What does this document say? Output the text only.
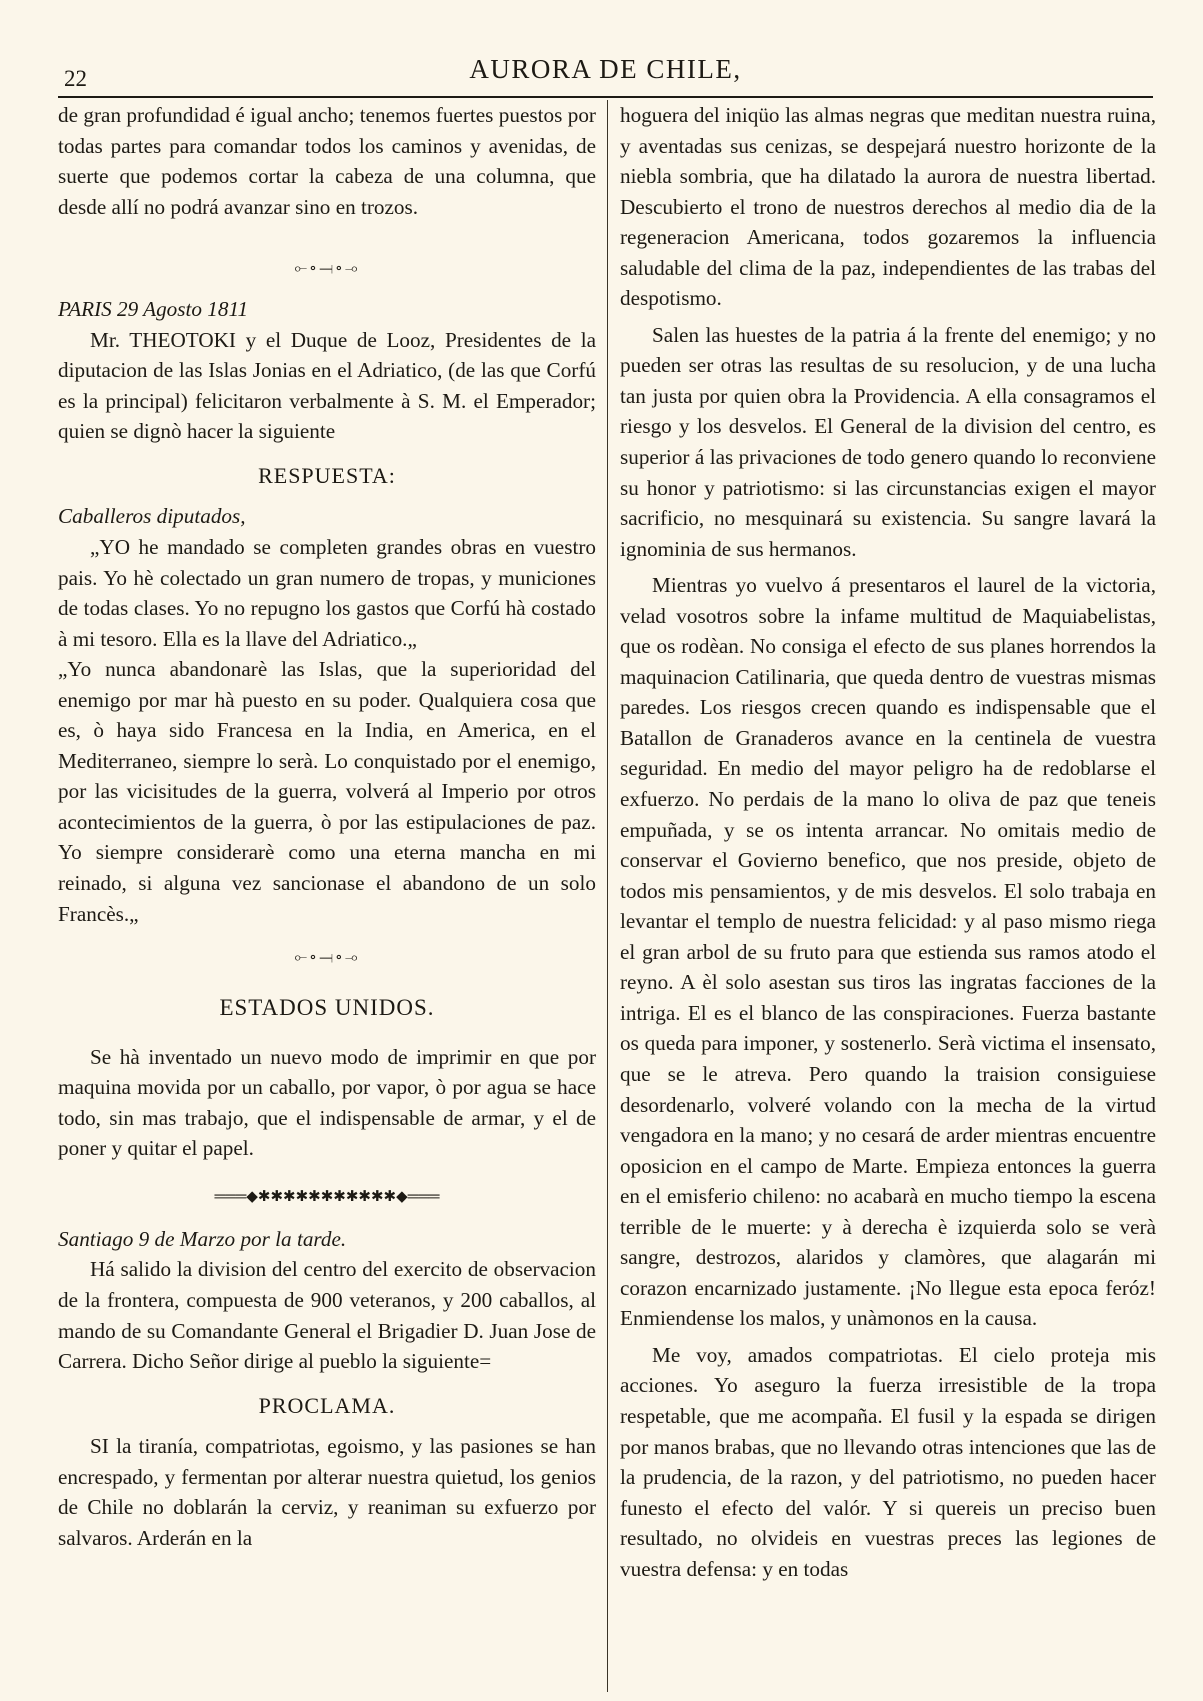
22	AURORA DE CHILE,

de gran profundidad é igual ancho; tenemos fuertes puestos por todas partes para comandar todos los caminos y avenidas, de suerte que podemos cortar la cabeza de una columna, que desde allí no podrá avanzar sino en trozos.

⟜∘⟞∘⊸

PARIS 29 Agosto 1811

Mr. THEOTOKI y el Duque de Looz, Presidentes de la diputacion de las Islas Jonias en el Adriatico, (de las que Corfú es la principal) felicitaron verbalmente à S. M. el Emperador; quien se dignò hacer la siguiente

RESPUESTA:

Caballeros diputados,

„YO he mandado se completen grandes obras en vuestro pais. Yo hè colectado un gran numero de tropas, y municiones de todas clases. Yo no repugno los gastos que Corfú hà costado à mi tesoro. Ella es la llave del Adriatico.„

„Yo nunca abandonarè las Islas, que la superioridad del enemigo por mar hà puesto en su poder. Qualquiera cosa que es, ò haya sido Francesa en la India, en America, en el Mediterraneo, siempre lo serà. Lo conquistado por el enemigo, por las vicisitudes de la guerra, volverá al Imperio por otros acontecimientos de la guerra, ò por las estipulaciones de paz. Yo siempre considerarè como una eterna mancha en mi reinado, si alguna vez sancionase el abandono de un solo Francès.„

⟜∘⟞∘⊸
ESTADOS UNIDOS.

Se hà inventado un nuevo modo de imprimir en que por maquina movida por un caballo, por vapor, ò por agua se hace todo, sin mas trabajo, que el indispensable de armar, y el de poner y quitar el papel.

═══◆✱✱✱✱✱✱✱✱✱✱✱◆═══

Santiago 9 de Marzo por la tarde.

Há salido la division del centro del exercito de observacion de la frontera, compuesta de 900 veteranos, y 200 caballos, al mando de su Comandante General el Brigadier D. Juan Jose de Carrera. Dicho Señor dirige al pueblo la siguiente=

PROCLAMA.

SI la tiranía, compatriotas, egoismo, y las pasiones se han encrespado, y fermentan por alterar nuestra quietud, los genios de Chile no doblarán la cerviz, y reaniman su exfuerzo por salvaros. Arderán en la

hoguera del iniqüo las almas negras que meditan nuestra ruina, y aventadas sus cenizas, se despejará nuestro horizonte de la niebla sombria, que ha dilatado la aurora de nuestra libertad. Descubierto el trono de nuestros derechos al medio dia de la regeneracion Americana, todos gozaremos la influencia saludable del clima de la paz, independientes de las trabas del despotismo.

Salen las huestes de la patria á la frente del enemigo; y no pueden ser otras las resultas de su resolucion, y de una lucha tan justa por quien obra la Providencia. A ella consagramos el riesgo y los desvelos. El General de la division del centro, es superior á las privaciones de todo genero quando lo reconviene su honor y patriotismo: si las circunstancias exigen el mayor sacrificio, no mesquinará su existencia. Su sangre lavará la ignominia de sus hermanos.

Mientras yo vuelvo á presentaros el laurel de la victoria, velad vosotros sobre la infame multitud de Maquiabelistas, que os rodèan. No consiga el efecto de sus planes horrendos la maquinacion Catilinaria, que queda dentro de vuestras mismas paredes. Los riesgos crecen quando es indispensable que el Batallon de Granaderos avance en la centinela de vuestra seguridad. En medio del mayor peligro ha de redoblarse el exfuerzo. No perdais de la mano lo oliva de paz que teneis empuñada, y se os intenta arrancar. No omitais medio de conservar el Govierno benefico, que nos preside, objeto de todos mis pensamientos, y de mis desvelos. El solo trabaja en levantar el templo de nuestra felicidad: y al paso mismo riega el gran arbol de su fruto para que estienda sus ramos atodo el reyno. A èl solo asestan sus tiros las ingratas facciones de la intriga. El es el blanco de las conspiraciones. Fuerza bastante os queda para imponer, y sostenerlo. Serà victima el insensato, que se le atreva. Pero quando la traision consiguiese desordenarlo, volveré volando con la mecha de la virtud vengadora en la mano; y no cesará de arder mientras encuentre oposicion en el campo de Marte. Empieza entonces la guerra en el emisferio chileno: no acabarà en mucho tiempo la escena terrible de le muerte: y à derecha è izquierda solo se verà sangre, destrozos, alaridos y clamòres, que alagarán mi corazon encarnizado justamente. ¡No llegue esta epoca feróz! Enmiendense los malos, y unàmonos en la causa.

Me voy, amados compatriotas. El cielo proteja mis acciones. Yo aseguro la fuerza irresistible de la tropa respetable, que me acompaña. El fusil y la espada se dirigen por manos brabas, que no llevando otras intenciones que las de la prudencia, de la razon, y del patriotismo, no pueden hacer funesto el efecto del valór. Y si quereis un preciso buen resultado, no olvideis en vuestras preces las legiones de vuestra defensa: y en todas
